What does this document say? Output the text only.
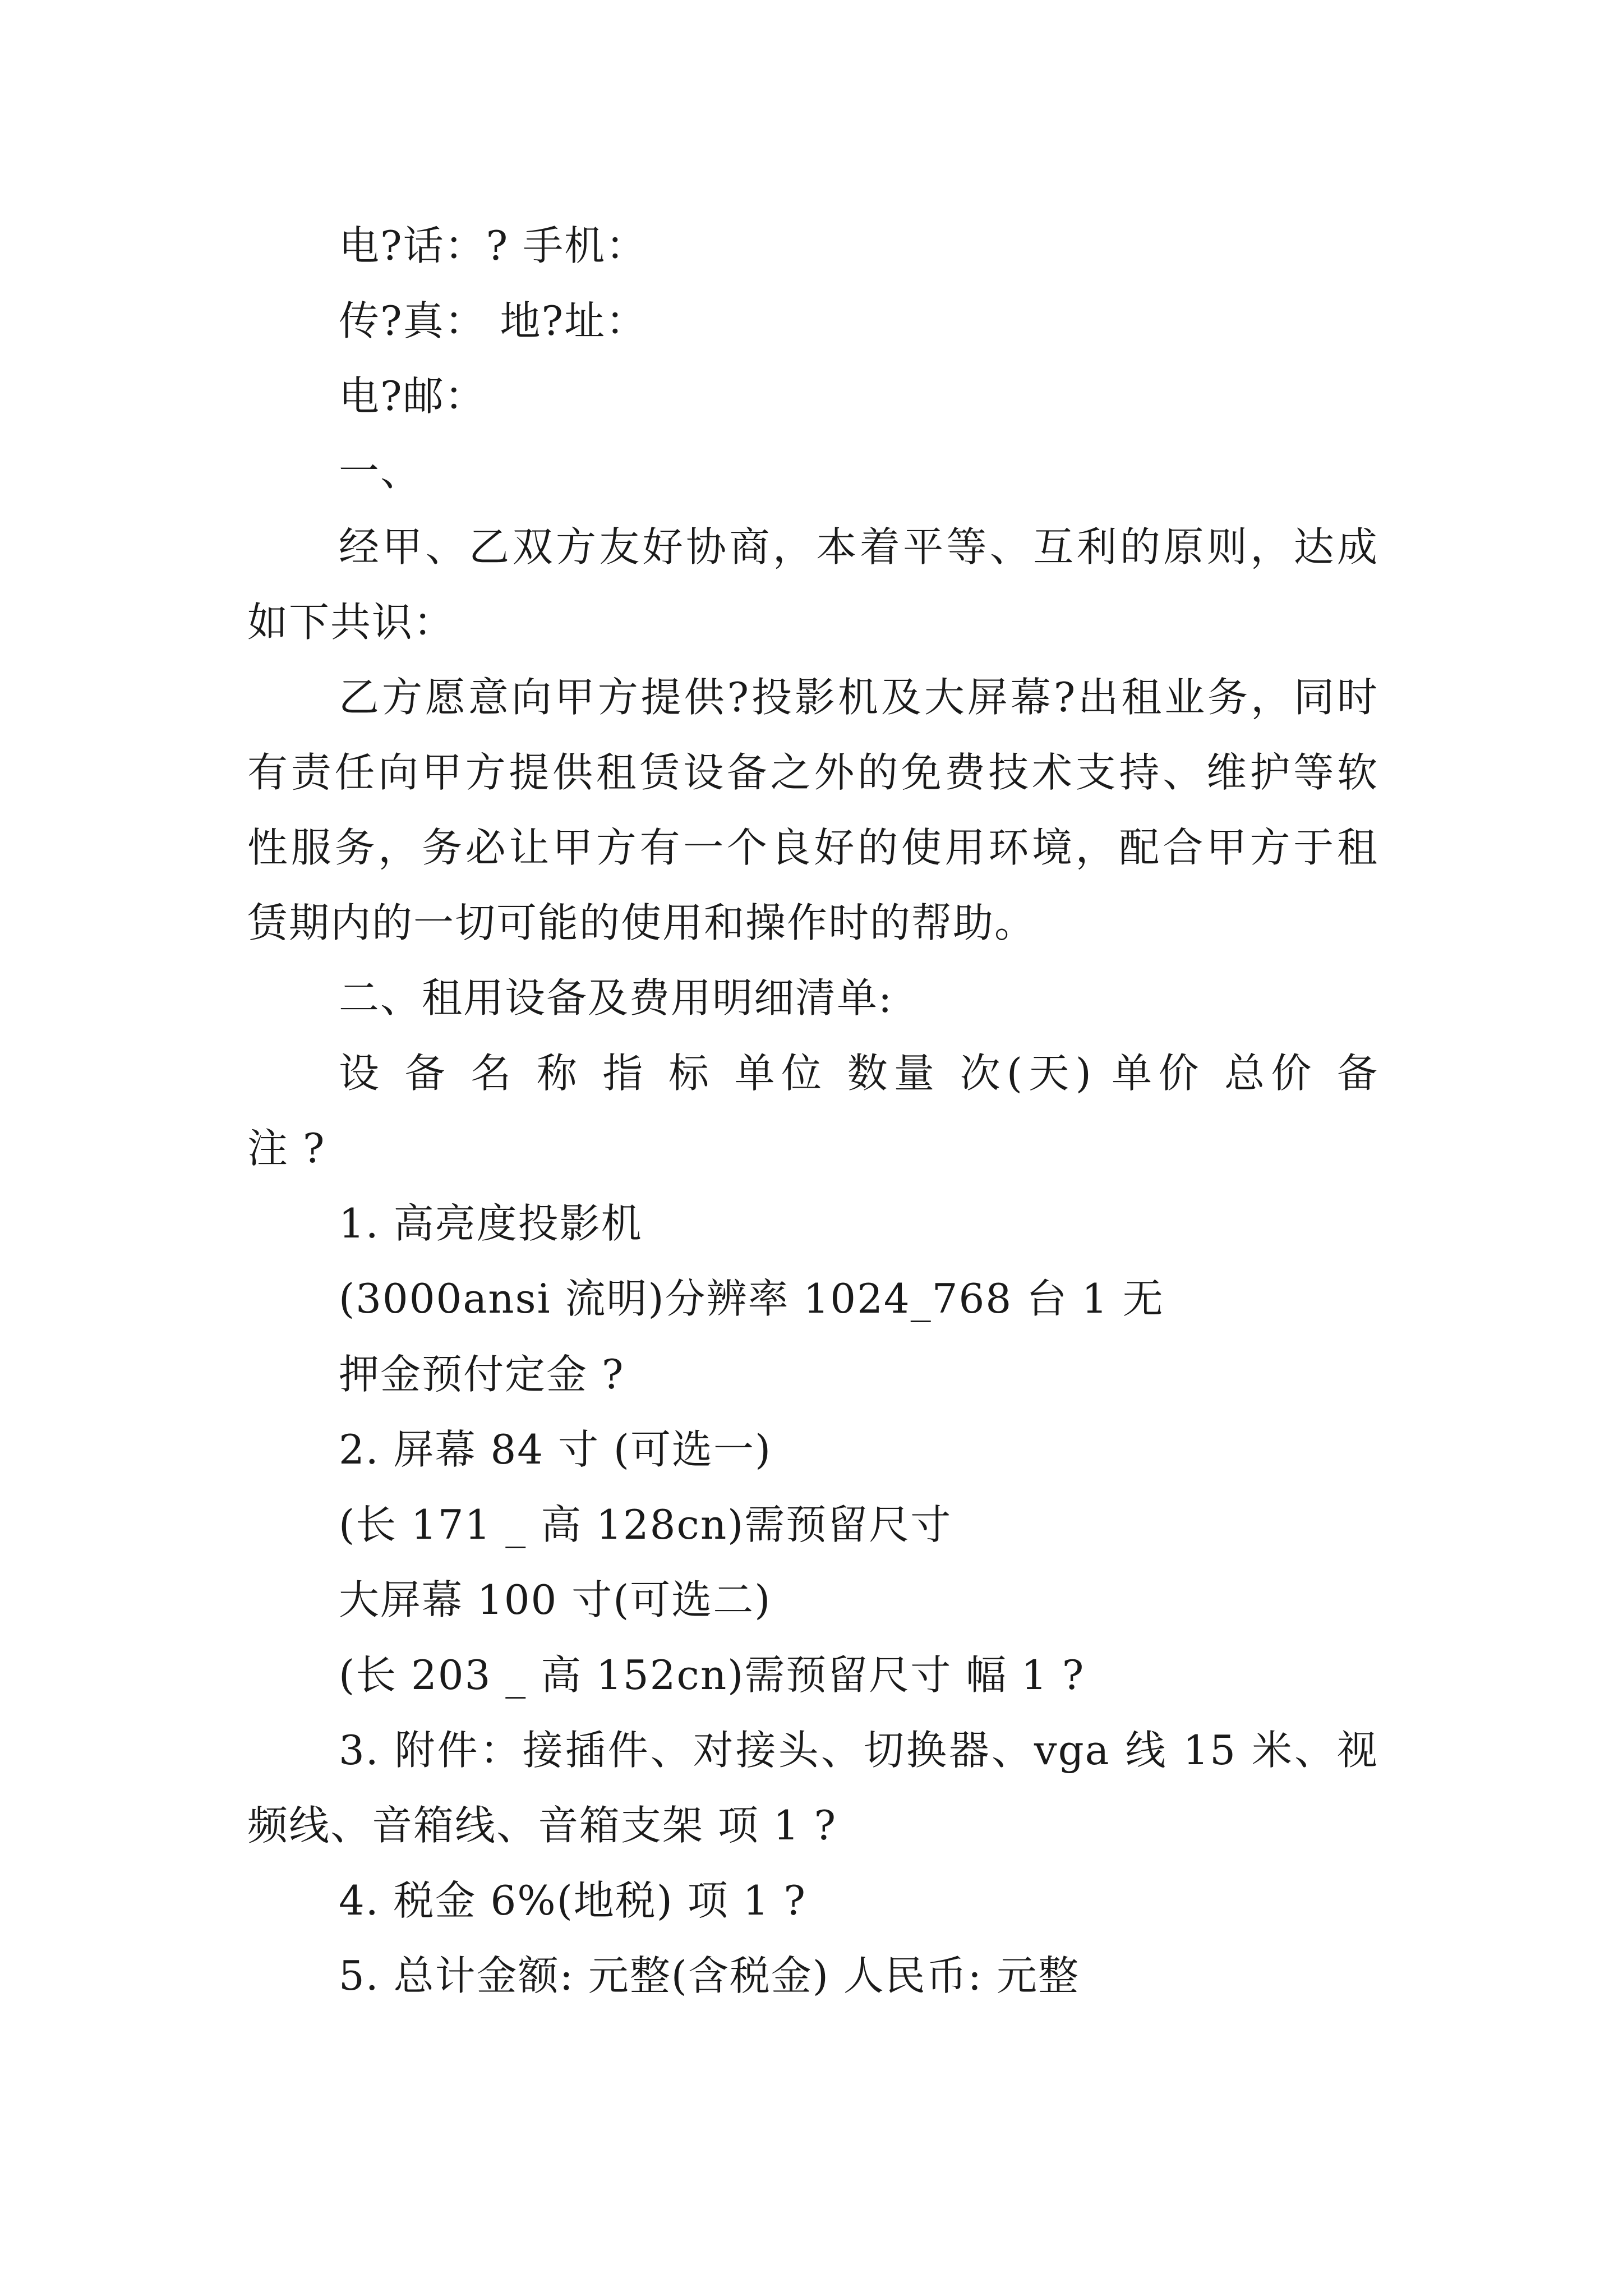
电?话：? 手机：
传?真： 地?址：
电?邮：
一、
经甲、乙双方友好协商，本着平等、互利的原则，达成
如下共识：
乙方愿意向甲方提供?投影机及大屏幕?出租业务，同时
有责任向甲方提供租赁设备之外的免费技术支持、维护等软
性服务，务必让甲方有一个良好的使用环境，配合甲方于租
赁期内的一切可能的使用和操作时的帮助。
二、租用设备及费用明细清单:
设 备 名 称 指 标 单位 数量 次(天) 单价 总价 备
注 ?
1. 高亮度投影机
(3000ansi 流明)分辨率 1024_768 台 1 无
押金预付定金 ?
2. 屏幕 84 寸 (可选一)
(长 171 _ 高 128cn)需预留尺寸
大屏幕 100 寸(可选二)
(长 203 _ 高 152cn)需预留尺寸 幅 1 ?
3. 附件：接插件、对接头、切换器、vga 线 15 米、视
频线、音箱线、音箱支架 项 1 ?
4. 税金 6%(地税) 项 1 ?
5. 总计金额: 元整(含税金) 人民币: 元整
